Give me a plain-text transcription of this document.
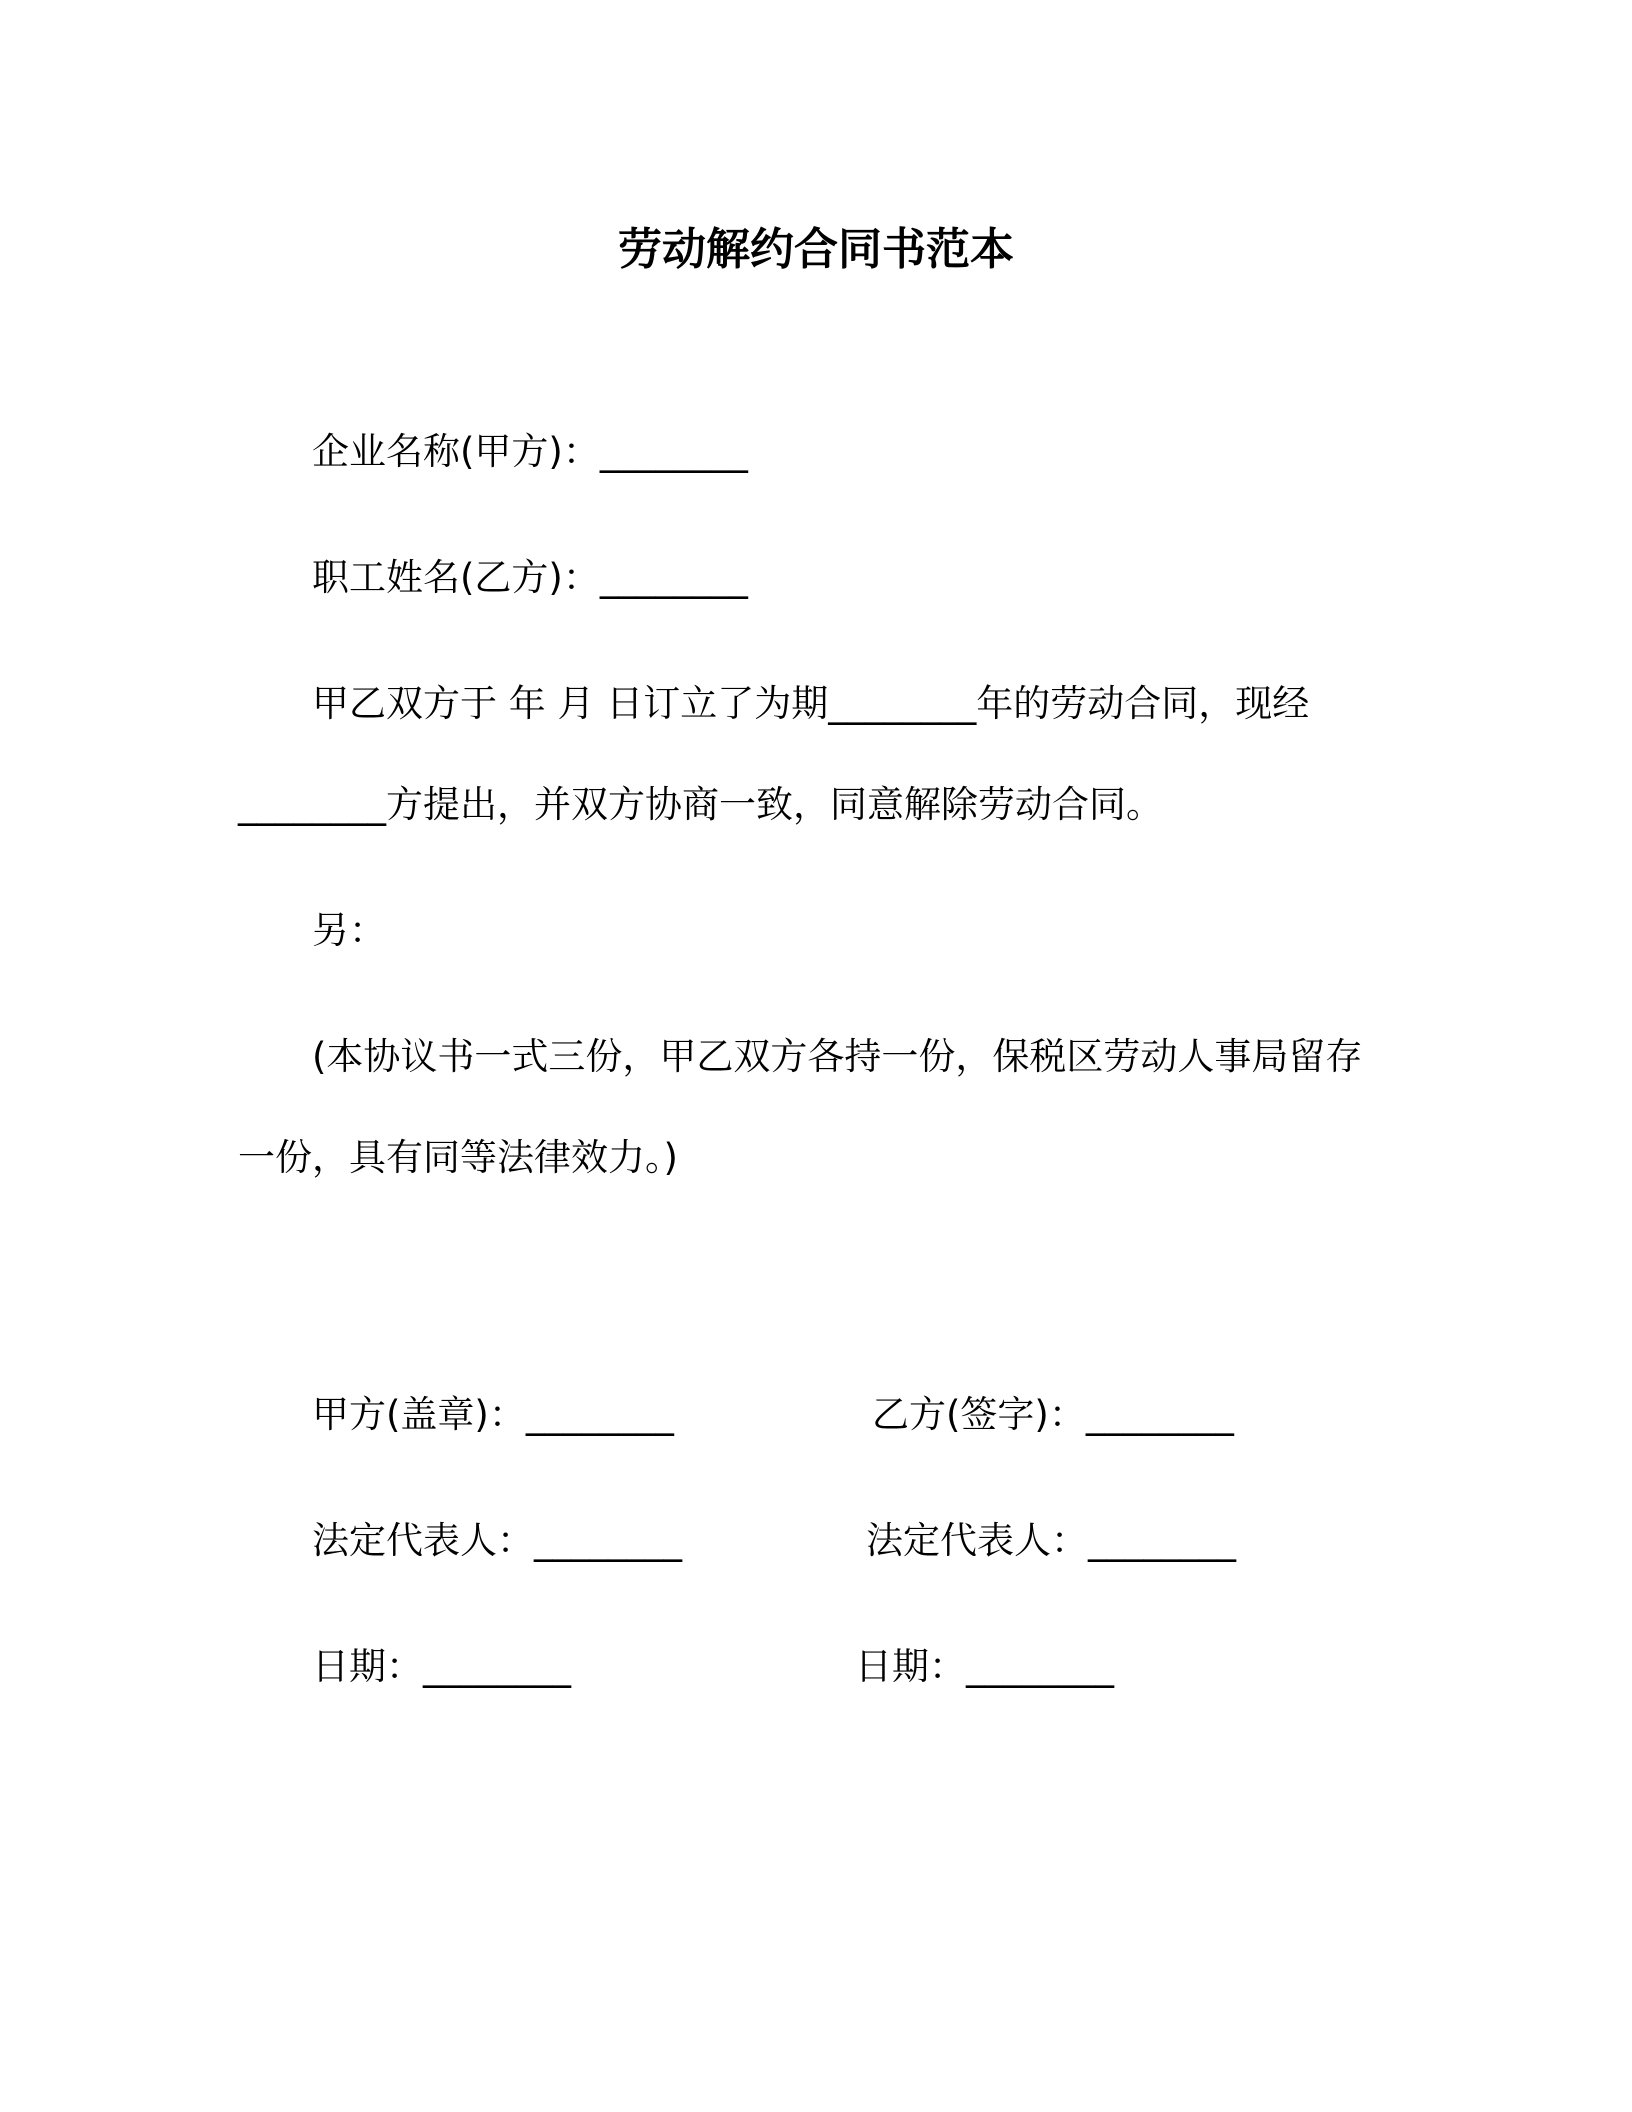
劳动解约合同书范本
企业名称(甲方)：________
职工姓名(乙方)：________
甲乙双方于 年 月 日订立了为期________年的劳动合同，现经
________方提出，并双方协商一致，同意解除劳动合同。
另：
(本协议书一式三份，甲乙双方各持一份，保税区劳动人事局留存
一份，具有同等法律效力。)
甲方(盖章)：________	乙方(签字)：________
法定代表人：________	法定代表人：________
日期：________	日期：________
